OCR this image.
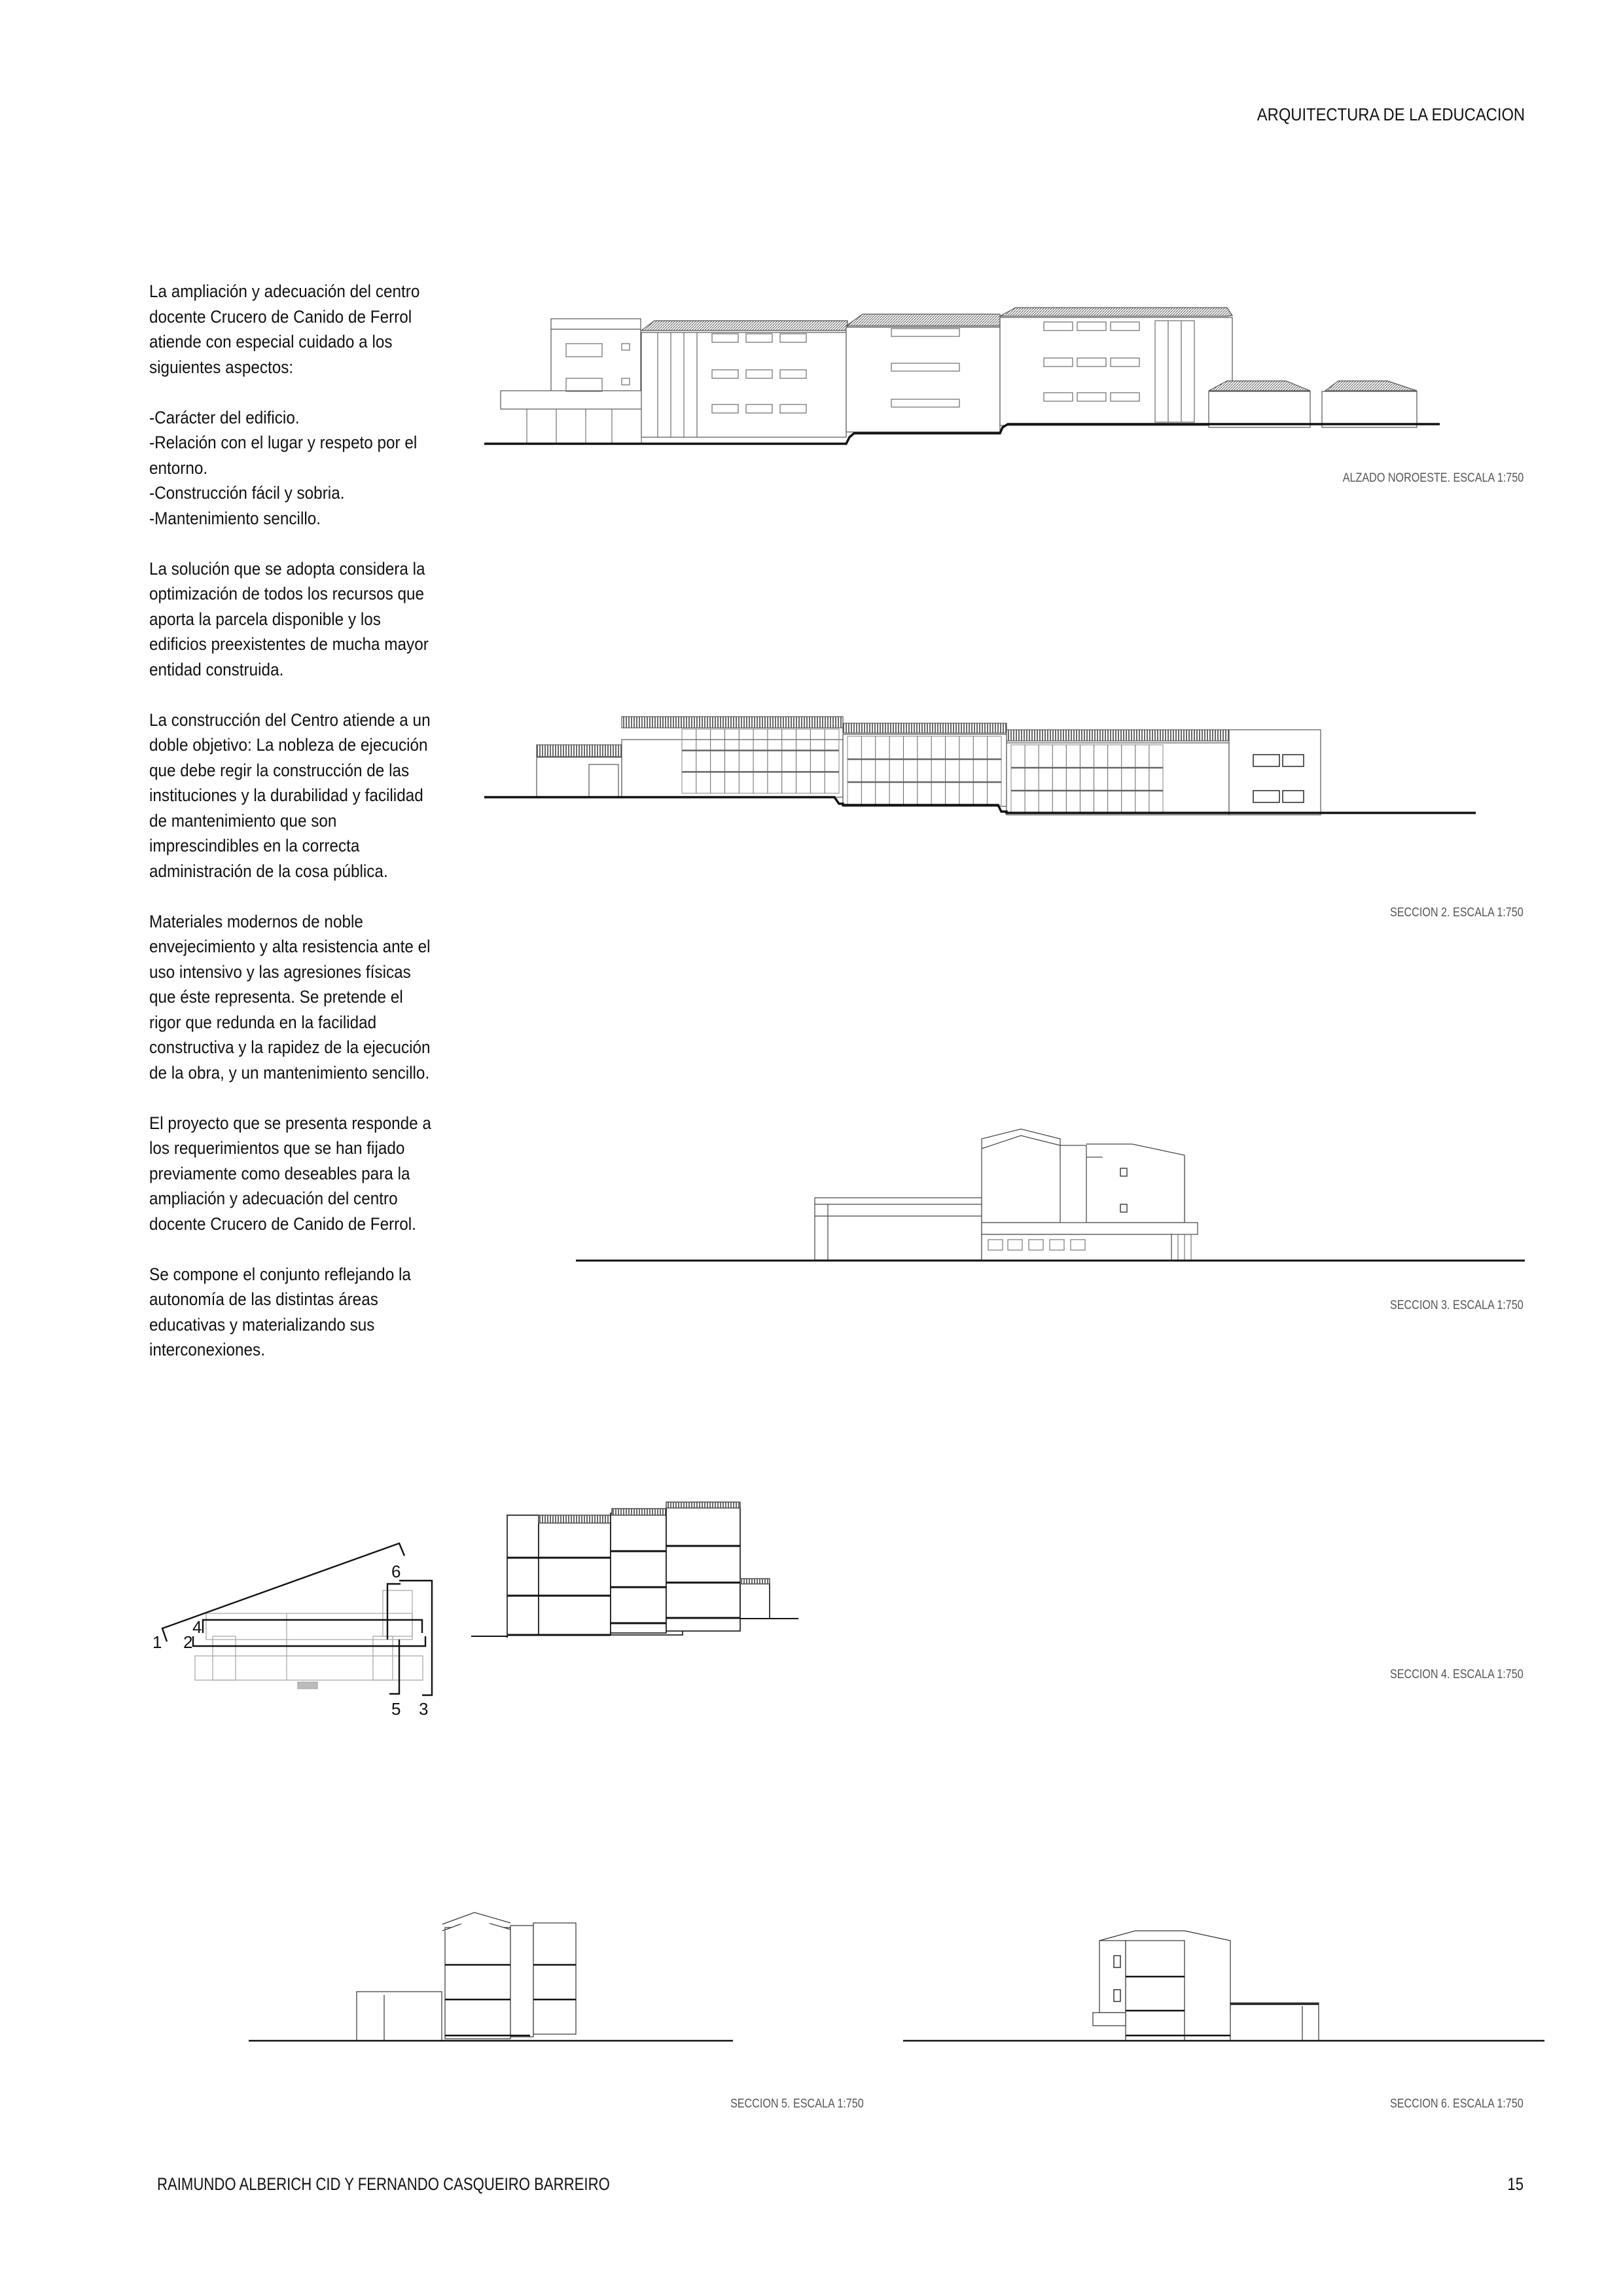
ARQUITECTURA DE LA EDUCACION

La ampliación y adecuación del centro docente Crucero de Canido de Ferrol atiende con especial cuidado a los siguientes aspectos:

-Carácter del edificio.

-Relación con el lugar y respeto por el entorno.

-Construcción fácil y sobria.

-Mantenimiento sencillo.

La solución que se adopta considera la optimización de todos los recursos que aporta la parcela disponible y los edificios preexistentes de mucha mayor entidad construida.

La construcción del Centro atiende a un doble objetivo: La nobleza de ejecución que debe regir la construcción de las instituciones y la durabilidad y facilidad de mantenimiento que son imprescindibles en la correcta administración de la cosa pública.

Materiales modernos de noble envejecimiento y alta resistencia ante el uso intensivo y las agresiones físicas que éste representa. Se pretende el rigor que redunda en la facilidad constructiva y la rapidez de la ejecución de la obra, y un mantenimiento sencillo.

El proyecto que se presenta responde a los requerimientos que se han fijado previamente como deseables para la ampliación y adecuación del centro docente Crucero de Canido de Ferrol.

Se compone el conjunto reflejando la autonomía de las distintas áreas educativas y materializando sus interconexiones.

ALZADO NOROESTE. ESCALA 1:750
SECCION 2. ESCALA 1:750
SECCION 3. ESCALA 1:750
1 2
3
4
5
6
SECCION 4. ESCALA 1:750
SECCION 5. ESCALA 1:750	SECCION 6. ESCALA 1:750
RAIMUNDO ALBERICH CID Y FERNANDO CASQUEIRO BARREIRO	15
